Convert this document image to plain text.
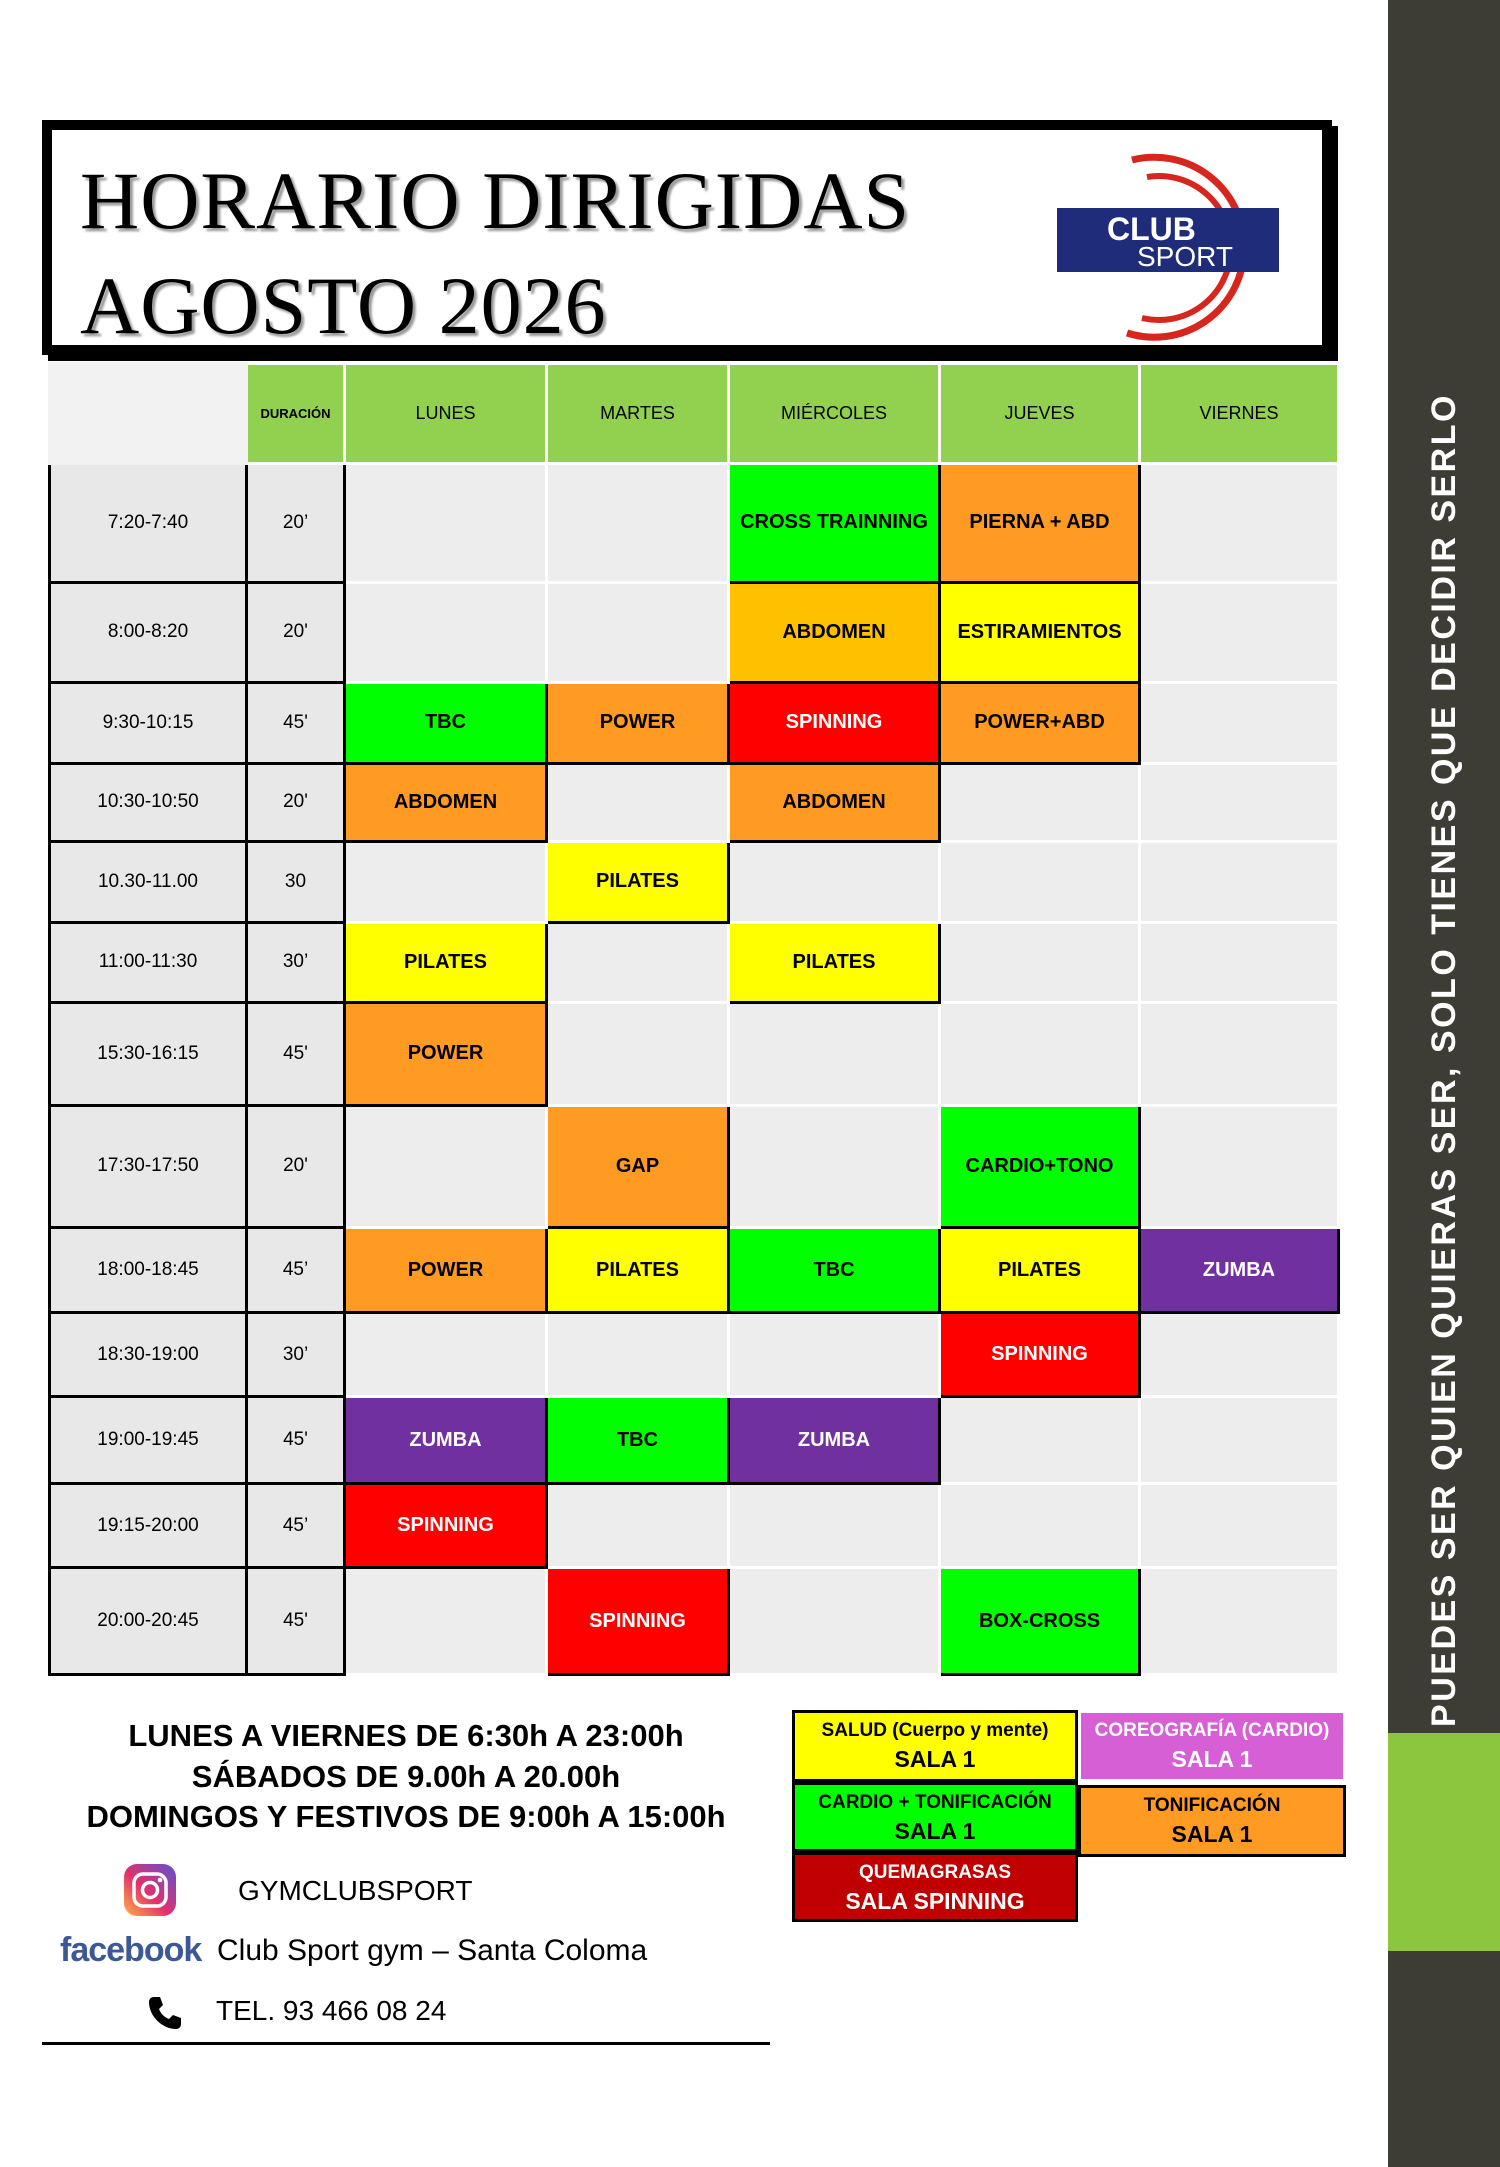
PUEDES SER QUIEN QUIERAS SER, SOLO TIENES QUE DECIDIR SERLO
HORARIO DIRIGIDAS
AGOSTO 2026
CLUB
SPORT
	DURACIÓN	LUNES	MARTES	MIÉRCOLES	JUEVES	VIERNES
7:20-7:40	20’			CROSS TRAINNING	PIERNA + ABD	
8:00-8:20	20'			ABDOMEN	ESTIRAMIENTOS	
9:30-10:15	45'	TBC	POWER	SPINNING	POWER+ABD	
10:30-10:50	20'	ABDOMEN		ABDOMEN		
10.30-11.00	30		PILATES			
11:00-11:30	30’	PILATES		PILATES		
15:30-16:15	45'	POWER				
17:30-17:50	20'		GAP		CARDIO+TONO	
18:00-18:45	45’	POWER	PILATES	TBC	PILATES	ZUMBA
18:30-19:00	30’				SPINNING	
19:00-19:45	45'	ZUMBA	TBC	ZUMBA		
19:15-20:00	45’	SPINNING				
20:00-20:45	45'		SPINNING		BOX-CROSS	
LUNES A VIERNES DE 6:30h A 23:00h
SÁBADOS DE 9.00h A 20.00h
DOMINGOS Y FESTIVOS DE 9:00h A 15:00h
GYMCLUBSPORT
facebook Club Sport gym – Santa Coloma
TEL. 93 466 08 24
SALUD (Cuerpo y mente)
SALA 1
COREOGRAFÍA (CARDIO)
SALA 1
CARDIO + TONIFICACIÓN
SALA 1
TONIFICACIÓN
SALA 1
QUEMAGRASAS
SALA SPINNING
